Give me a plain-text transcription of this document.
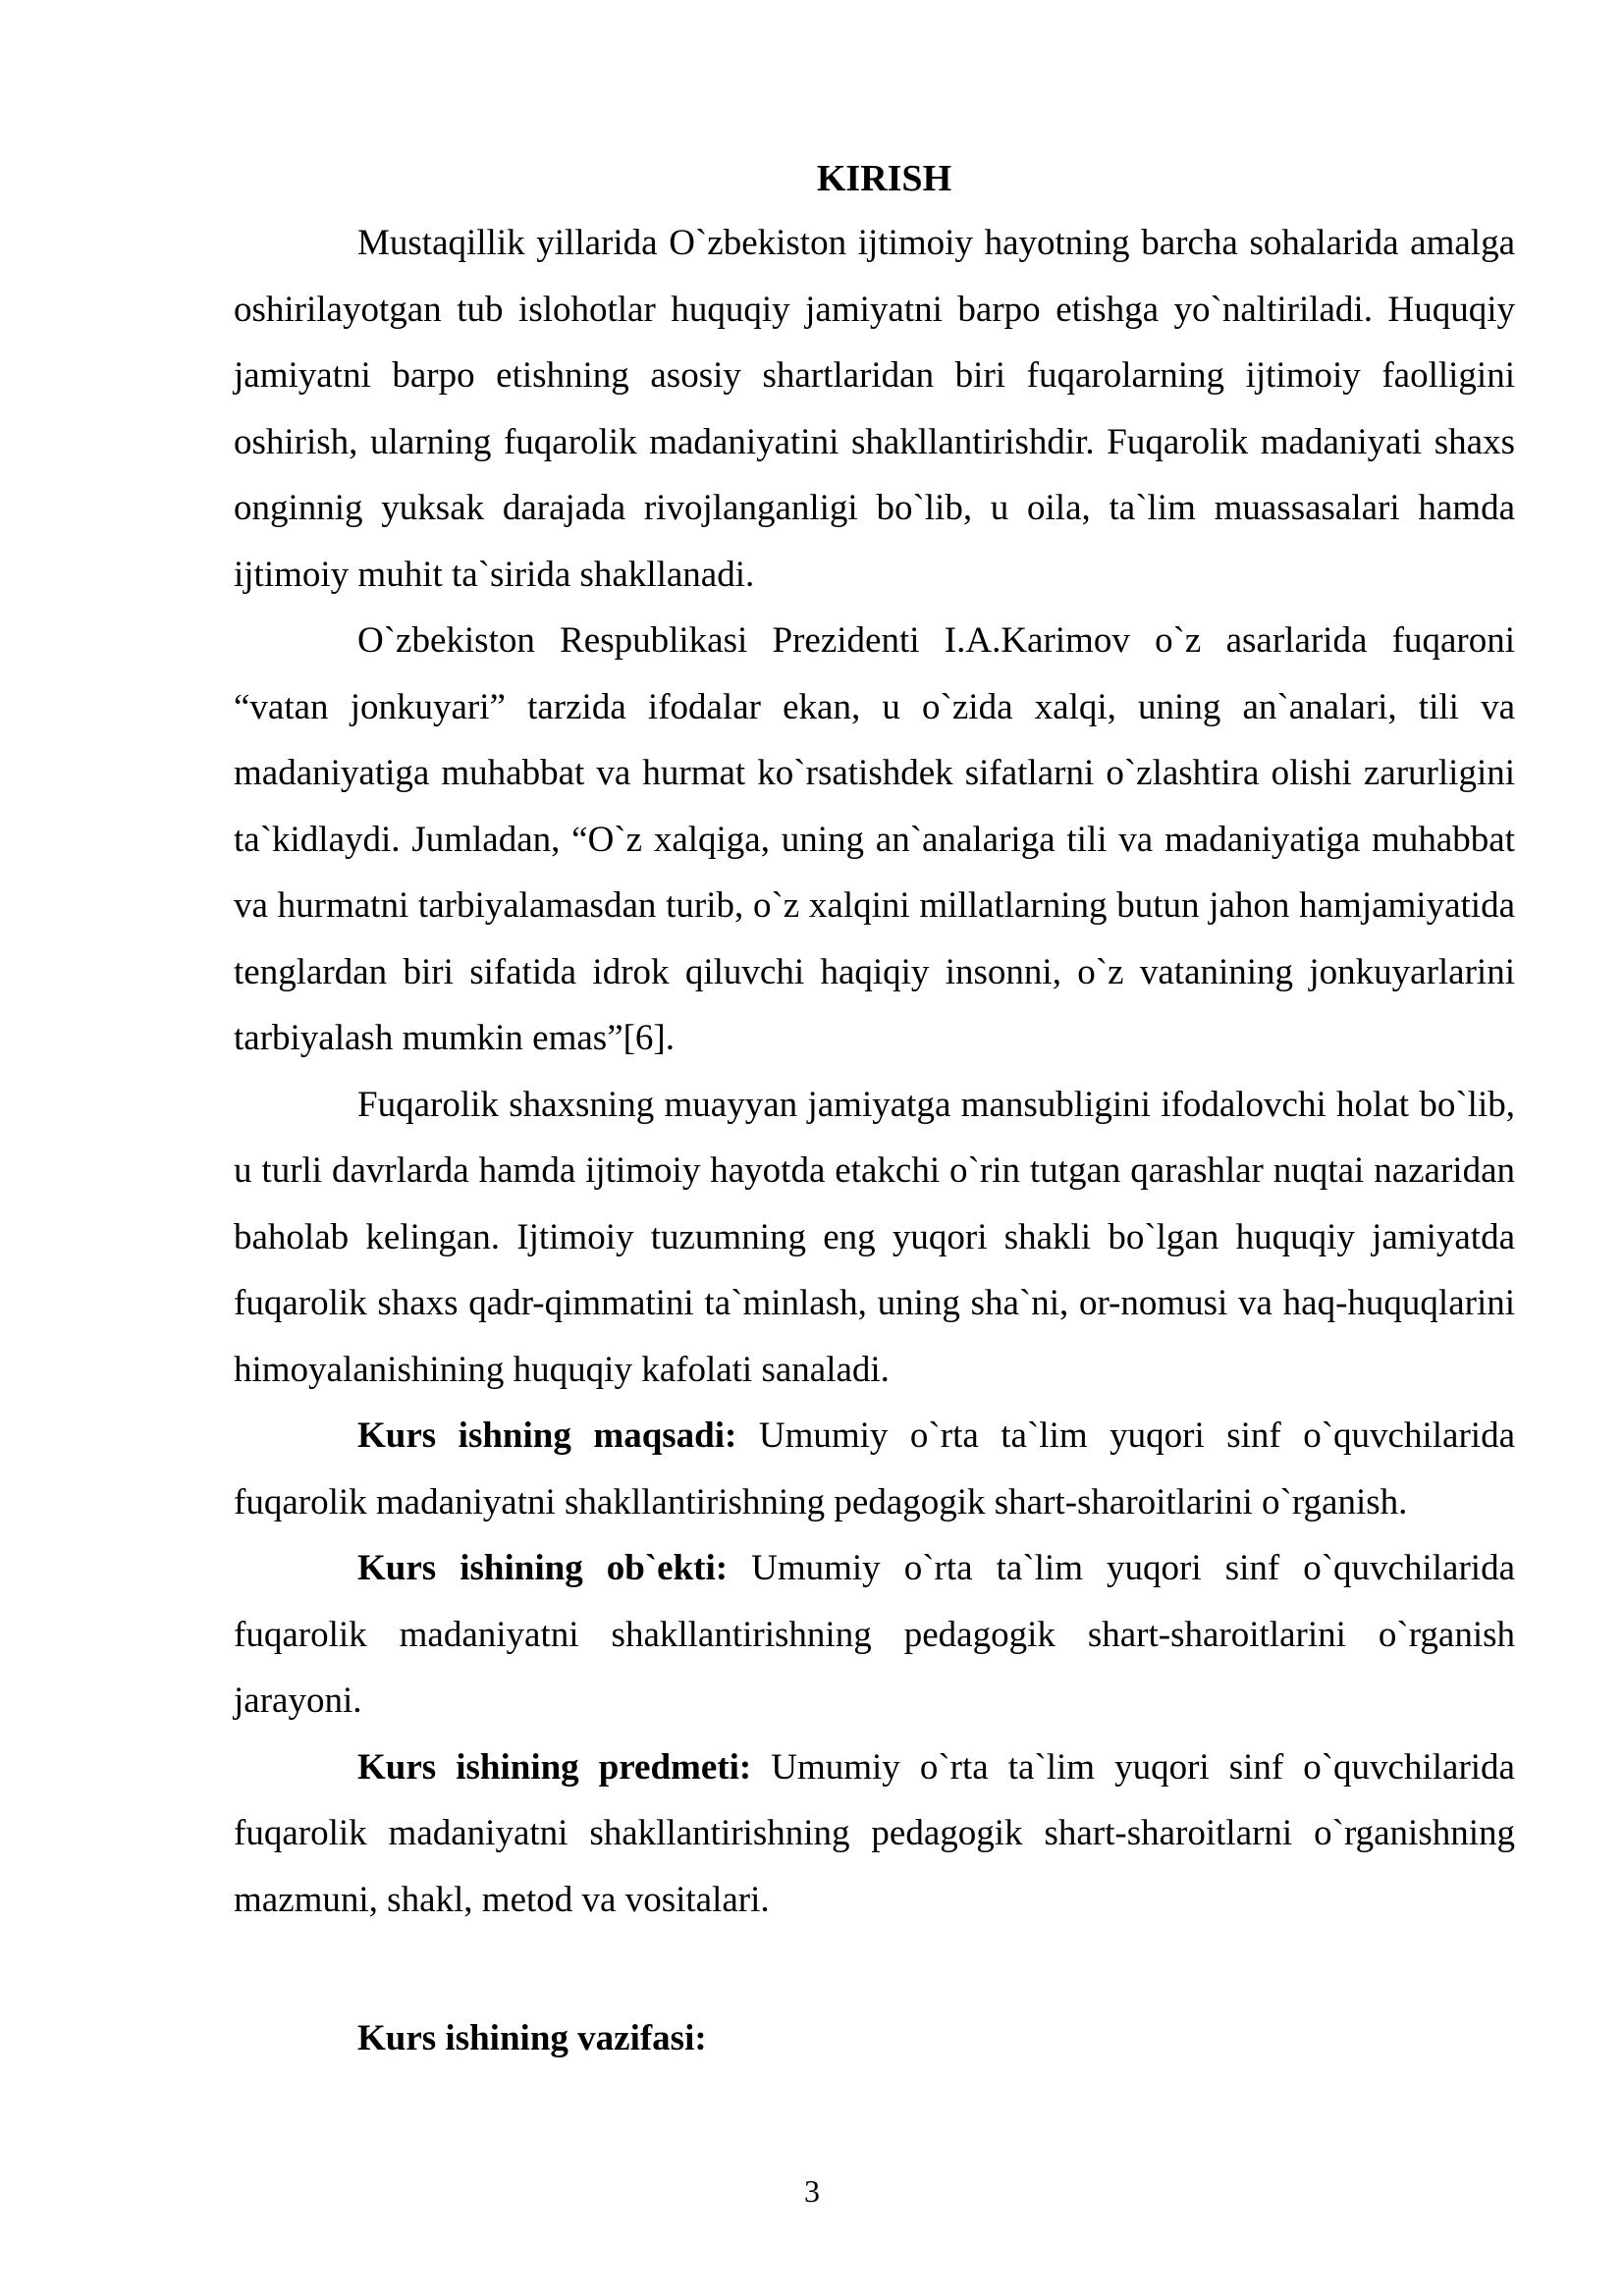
KIRISH

Mustaqillik yillarida O`zbekiston ijtimoiy hayotning barcha sohalarida amalga oshirilayotgan tub islohotlar huquqiy jamiyatni barpo etishga yo`naltiriladi. Huquqiy jamiyatni barpo etishning asosiy shartlaridan biri fuqarolarning ijtimoiy faolligini oshirish, ularning fuqarolik madaniyatini shakllantirishdir. Fuqarolik madaniyati shaxs onginnig yuksak darajada rivojlanganligi bo`lib, u oila, ta`lim muassasalari hamda ijtimoiy muhit ta`sirida shakllanadi.

O`zbekiston Respublikasi Prezidenti I.A.Karimov o`z asarlarida fuqaroni “vatan jonkuyari” tarzida ifodalar ekan, u o`zida xalqi, uning an`analari, tili va madaniyatiga muhabbat va hurmat ko`rsatishdek sifatlarni o`zlashtira olishi zarurligini ta`kidlaydi. Jumladan, “O`z xalqiga, uning an`analariga tili va madaniyatiga muhabbat va hurmatni tarbiyalamasdan turib, o`z xalqini millatlarning butun jahon hamjamiyatida tenglardan biri sifatida idrok qiluvchi haqiqiy insonni, o`z vatanining jonkuyarlarini tarbiyalash mumkin emas”[6].

Fuqarolik shaxsning muayyan jamiyatga mansubligini ifodalovchi holat bo`lib, u turli davrlarda hamda ijtimoiy hayotda etakchi o`rin tutgan qarashlar nuqtai nazaridan baholab kelingan. Ijtimoiy tuzumning eng yuqori shakli bo`lgan huquqiy jamiyatda fuqarolik shaxs qadr-qimmatini ta`minlash, uning sha`ni, or-nomusi va haq-huquqlarini himoyalanishining huquqiy kafolati sanaladi.

Kurs ishning maqsadi: Umumiy o`rta ta`lim yuqori sinf o`quvchilarida fuqarolik madaniyatni shakllantirishning pedagogik shart-sharoitlarini o`rganish.

Kurs ishining ob`ekti: Umumiy o`rta ta`lim yuqori sinf o`quvchilarida fuqarolik madaniyatni shakllantirishning pedagogik shart-sharoitlarini o`rganish jarayoni.

Kurs ishining predmeti: Umumiy o`rta ta`lim yuqori sinf o`quvchilarida fuqarolik madaniyatni shakllantirishning pedagogik shart-sharoitlarni o`rganishning mazmuni, shakl, metod va vositalari.

Kurs ishining vazifasi:

3
